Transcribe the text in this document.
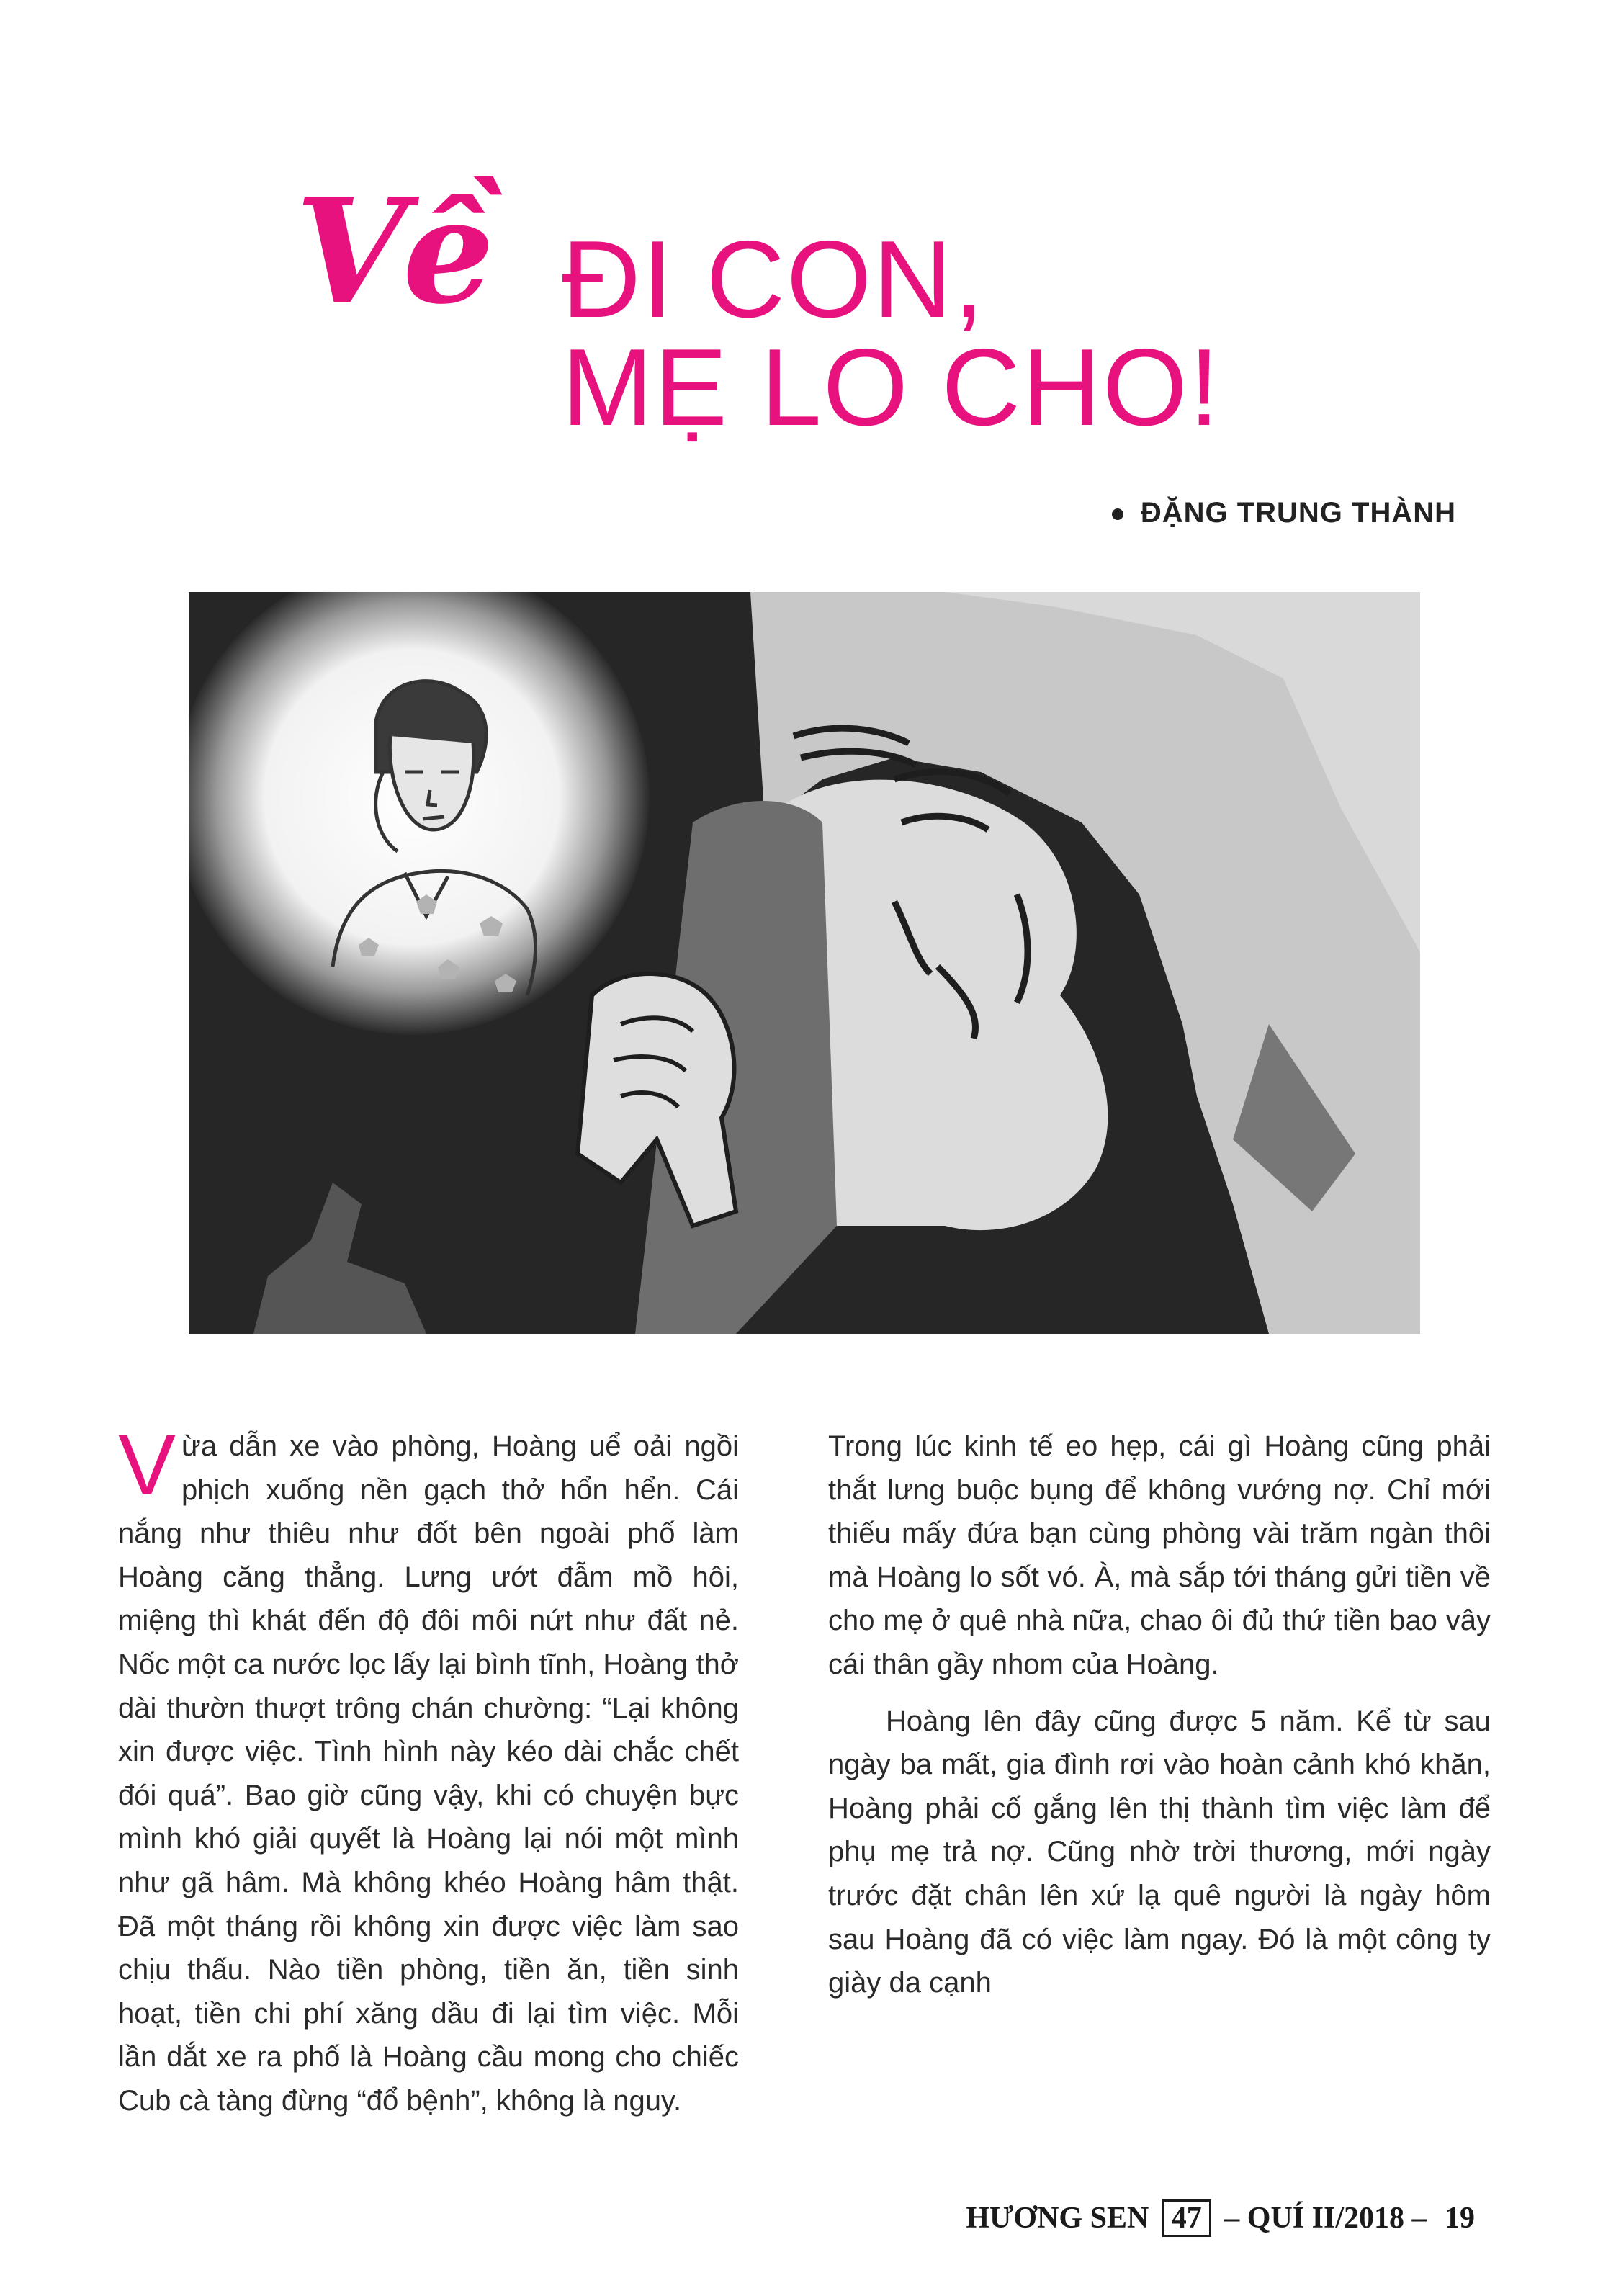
Về ĐI CON,
MẸ LO CHO!
ĐẶNG TRUNG THÀNH

Vừa dẫn xe vào phòng, Hoàng uể oải ngồi phịch xuống nền gạch thở hổn hển. Cái nắng như thiêu như đốt bên ngoài phố làm Hoàng căng thẳng. Lưng ướt đẫm mồ hôi, miệng thì khát đến độ đôi môi nứt như đất nẻ. Nốc một ca nước lọc lấy lại bình tĩnh, Hoàng thở dài thườn thượt trông chán chường: “Lại không xin được việc. Tình hình này kéo dài chắc chết đói quá”. Bao giờ cũng vậy, khi có chuyện bực mình khó giải quyết là Hoàng lại nói một mình như gã hâm. Mà không khéo Hoàng hâm thật. Đã một tháng rồi không xin được việc làm sao chịu thấu. Nào tiền phòng, tiền ăn, tiền sinh hoạt, tiền chi phí xăng dầu đi lại tìm việc. Mỗi lần dắt xe ra phố là Hoàng cầu mong cho chiếc Cub cà tàng đừng “đổ bệnh”, không là nguy.

Trong lúc kinh tế eo hẹp, cái gì Hoàng cũng phải thắt lưng buộc bụng để không vướng nợ. Chỉ mới thiếu mấy đứa bạn cùng phòng vài trăm ngàn thôi mà Hoàng lo sốt vó. À, mà sắp tới tháng gửi tiền về cho mẹ ở quê nhà nữa, chao ôi đủ thứ tiền bao vây cái thân gầy nhom của Hoàng.

Hoàng lên đây cũng được 5 năm. Kể từ sau ngày ba mất, gia đình rơi vào hoàn cảnh khó khăn, Hoàng phải cố gắng lên thị thành tìm việc làm để phụ mẹ trả nợ. Cũng nhờ trời thương, mới ngày trước đặt chân lên xứ lạ quê người là ngày hôm sau Hoàng đã có việc làm ngay. Đó là một công ty giày da cạnh

HƯƠNG SEN 47 – QUÍ II/2018 – 19
